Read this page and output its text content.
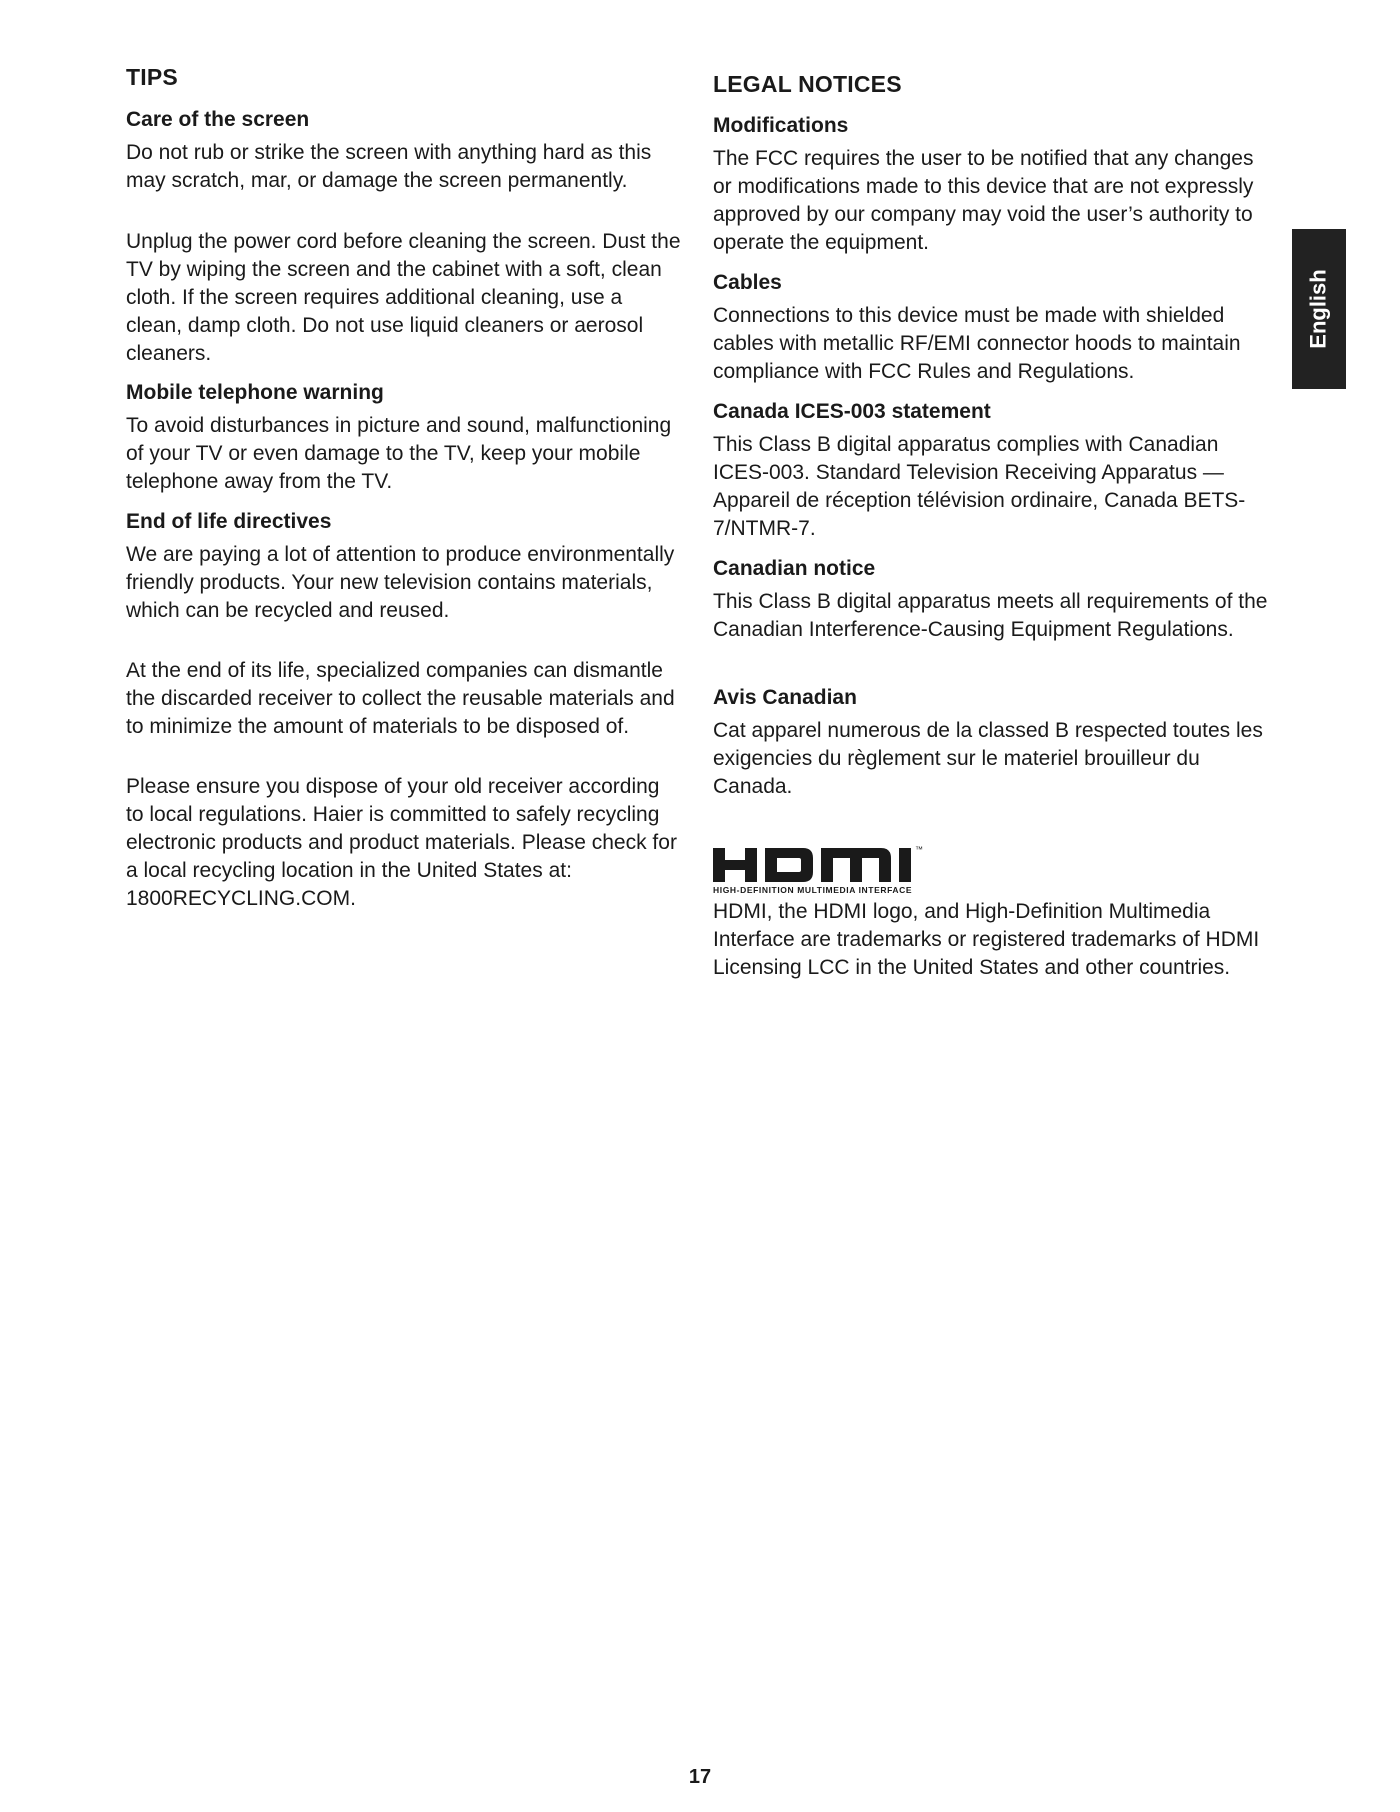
TIPS
Care of the screen

Do not rub or strike the screen with anything hard as this may scratch, mar, or damage the screen permanently.

Unplug the power cord before cleaning the screen. Dust the TV by wiping the screen and the cabinet with a soft, clean cloth. If the screen requires additional cleaning, use a clean, damp cloth. Do not use liquid cleaners or aerosol cleaners.

Mobile telephone warning

To avoid disturbances in picture and sound, malfunctioning of your TV or even damage to the TV, keep your mobile telephone away from the TV.

End of life directives

We are paying a lot of attention to produce environmentally friendly products. Your new television contains materials, which can be recycled and reused.

At the end of its life, specialized companies can dismantle the discarded receiver to collect the reusable materials and to minimize the amount of materials to be disposed of.

Please ensure you dispose of your old receiver according to local regulations. Haier is committed to safely recycling electronic products and product materials. Please check for a local recycling location in the United States at: 1800RECYCLING.COM.

LEGAL NOTICES
Modifications

The FCC requires the user to be notified that any changes or modifications made to this device that are not expressly approved by our company may void the user’s authority to operate the equipment.

Cables

Connections to this device must be made with shielded cables with metallic RF/EMI connector hoods to maintain compliance with FCC Rules and Regulations.

Canada ICES-003 statement

This Class B digital apparatus complies with Canadian ICES-003. Standard Television Receiving Apparatus — Appareil de réception télévision ordinaire, Canada BETS-7/NTMR-7.

Canadian notice

This Class B digital apparatus meets all requirements of the Canadian Interference-Causing Equipment Regulations.

Avis Canadian

Cat apparel numerous de la classed B respected toutes les exigencies du règlement sur le materiel brouilleur du Canada.

HDMI, the HDMI logo, and High-Definition Multimedia Interface are trademarks or registered trademarks of HDMI Licensing LCC in the United States and other countries.

™
HIGH-DEFINITION MULTIMEDIA INTERFACE
English
17
